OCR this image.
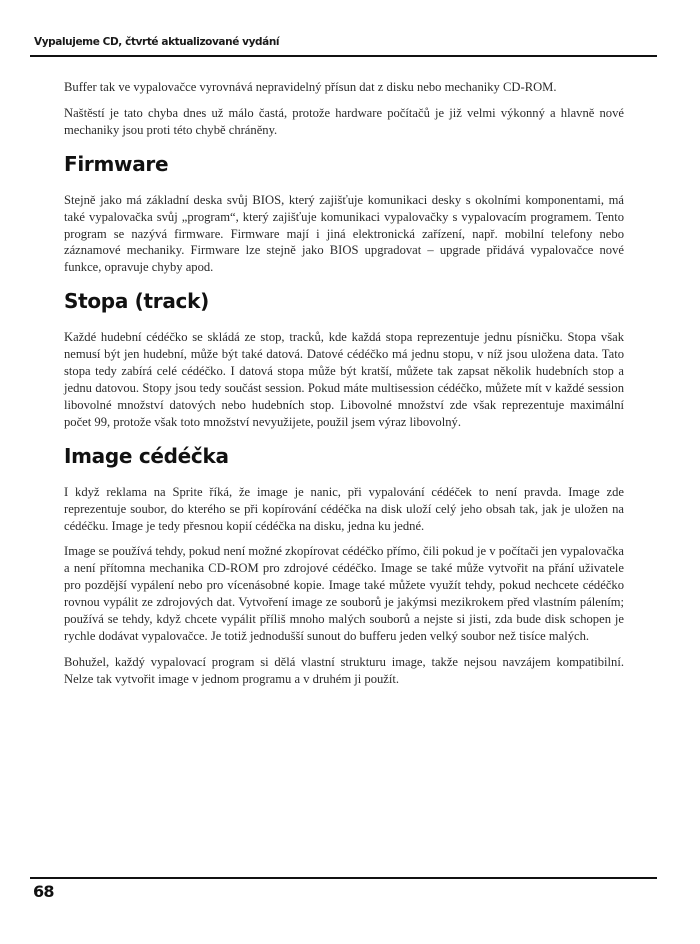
Vypalujeme CD, čtvrté aktualizované vydání

Buffer tak ve vypalovačce vyrovnává nepravidelný přísun dat z disku nebo mechaniky CD-ROM.

Naštěstí je tato chyba dnes už málo častá, protože hardware počítačů je již velmi výkonný a hlavně nové mechaniky jsou proti této chybě chráněny.

Firmware

Stejně jako má základní deska svůj BIOS, který zajišťuje komunikaci desky s okolními komponentami, má také vypalovačka svůj „program“, který zajišťuje komunikaci vypalovačky s vypalovacím programem. Tento program se nazývá firmware. Firmware mají i jiná elektronická zařízení, např. mobilní telefony nebo záznamové mechaniky. Firmware lze stejně jako BIOS upgradovat – upgrade přidává vypalovačce nové funkce, opravuje chyby apod.

Stopa (track)

Každé hudební cédéčko se skládá ze stop, tracků, kde každá stopa reprezentuje jednu písničku. Stopa však nemusí být jen hudební, může být také datová. Datové cédéčko má jednu stopu, v níž jsou uložena data. Tato stopa tedy zabírá celé cédéčko. I datová stopa může být kratší, můžete tak zapsat několik hudebních stop a jednu datovou. Stopy jsou tedy součást session. Pokud máte multisession cédéčko, můžete mít v každé session libovolné množství datových nebo hudebních stop. Libovolné množství zde však reprezentuje maximální počet 99, protože však toto množství nevyužijete, použil jsem výraz libovolný.

Image cédéčka

I když reklama na Sprite říká, že image je nanic, při vypalování cédéček to není pravda. Image zde reprezentuje soubor, do kterého se při kopírování cédéčka na disk uloží celý jeho obsah tak, jak je uložen na cédéčku. Image je tedy přesnou kopií cédéčka na disku, jedna ku jedné.

Image se používá tehdy, pokud není možné zkopírovat cédéčko přímo, čili pokud je v počítači jen vypalovačka a není přítomna mechanika CD-ROM pro zdrojové cédéčko. Image se také může vytvořit na přání uživatele pro pozdější vypálení nebo pro vícenásobné kopie. Image také můžete využít tehdy, pokud nechcete cédéčko rovnou vypálit ze zdrojových dat. Vytvoření image ze souborů je jakýmsi mezikrokem před vlastním pálením; používá se tehdy, když chcete vypálit příliš mnoho malých souborů a nejste si jisti, zda bude disk schopen je rychle dodávat vypalovačce. Je totiž jednodušší sunout do bufferu jeden velký soubor než tisíce malých.

Bohužel, každý vypalovací program si dělá vlastní strukturu image, takže nejsou navzájem kompatibilní. Nelze tak vytvořit image v jednom programu a v druhém ji použít.

68
